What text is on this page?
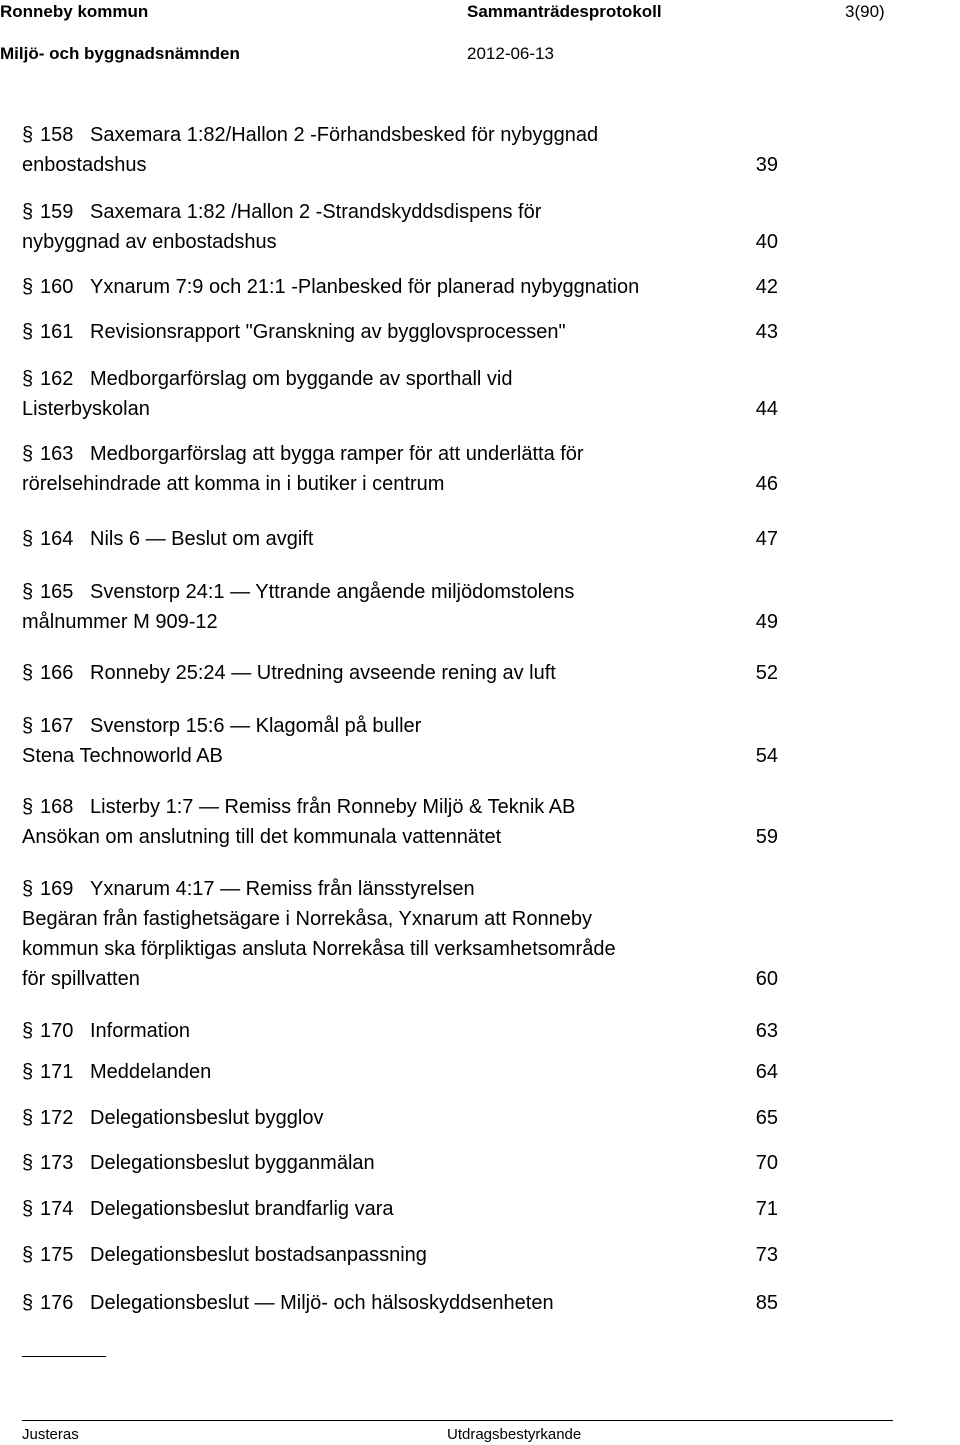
Ronneby kommun	Sammanträdesprotokoll	3(90)
Miljö- och byggnadsnämnden	2012-06-13
§ 158 Saxemara 1:82/Hallon 2 -Förhandsbesked för nybyggnad
enbostadshus	39
§ 159 Saxemara 1:82 /Hallon 2 -Strandskyddsdispens för
nybyggnad av enbostadshus	40
§ 160 Yxnarum 7:9 och 21:1 -Planbesked för planerad nybyggnation	42
§ 161 Revisionsrapport "Granskning av bygglovsprocessen"	43
§ 162 Medborgarförslag om byggande av sporthall vid
Listerbyskolan	44
§ 163 Medborgarförslag att bygga ramper för att underlätta för
rörelsehindrade att komma in i butiker i centrum	46
§ 164 Nils 6 — Beslut om avgift	47
§ 165 Svenstorp 24:1 — Yttrande angående miljödomstolens
målnummer M 909-12	49
§ 166 Ronneby 25:24 — Utredning avseende rening av luft	52
§ 167 Svenstorp 15:6 — Klagomål på buller
Stena Technoworld AB	54
§ 168 Listerby 1:7 — Remiss från Ronneby Miljö & Teknik AB
Ansökan om anslutning till det kommunala vattennätet	59
§ 169 Yxnarum 4:17 — Remiss från länsstyrelsen
Begäran från fastighetsägare i Norrekåsa, Yxnarum att Ronneby
kommun ska förpliktigas ansluta Norrekåsa till verksamhetsområde
för spillvatten	60
§ 170 Information	63
§ 171 Meddelanden	64
§ 172 Delegationsbeslut bygglov	65
§ 173 Delegationsbeslut bygganmälan	70
§ 174 Delegationsbeslut brandfarlig vara	71
§ 175 Delegationsbeslut bostadsanpassning	73
§ 176 Delegationsbeslut — Miljö- och hälsoskyddsenheten	85
Justeras	Utdragsbestyrkande
